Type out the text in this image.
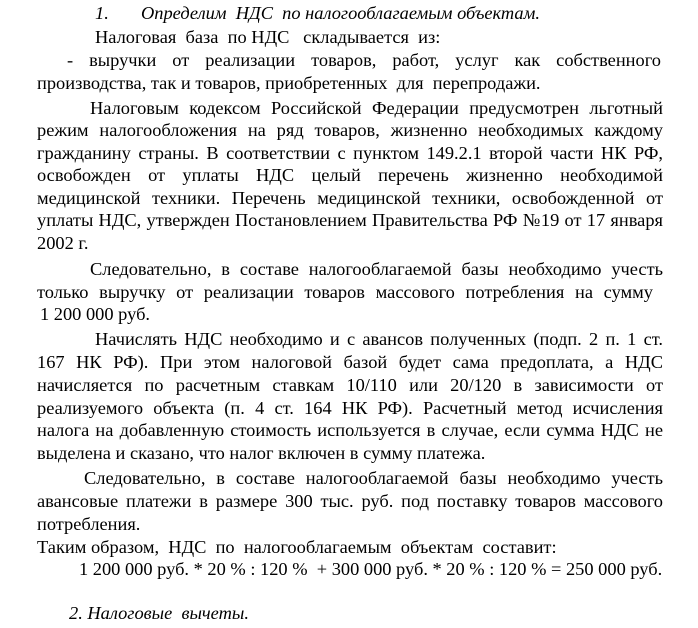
1.       Определим  НДС  по налогооблагаемым объектам.
Налоговая  база  по НДС   складывается  из:
- выручки от реализации товаров, работ, услуг как собственного
производства, так и товаров, приобретенных  для  перепродажи.
Налоговым кодексом Российской Федерации предусмотрен льготный
режим налогообложения на ряд товаров, жизненно необходимых каждому
гражданину страны. В соответствии с пунктом 149.2.1 второй части НК РФ,
освобожден от уплаты НДС целый перечень жизненно необходимой
медицинской техники. Перечень медицинской техники, освобожденной от
уплаты НДС, утвержден Постановлением Правительства РФ №19 от 17 января
2002 г.
Следовательно, в составе налогооблагаемой базы необходимо учесть
только выручку от реализации товаров массового потребления на сумму
1 200 000 руб.
Начислять НДС необходимо и с авансов полученных (подп. 2 п. 1 ст.
167 НК РФ). При этом налоговой базой будет сама предоплата, а НДС
начисляется по расчетным ставкам 10/110 или 20/120 в зависимости от
реализуемого объекта (п. 4 ст. 164 НК РФ). Расчетный метод исчисления
налога на добавленную стоимость используется в случае, если сумма НДС не
выделена и сказано, что налог включен в сумму платежа.
Следовательно, в составе налогооблагаемой базы необходимо учесть
авансовые платежи в размере 300 тыс. руб. под поставку товаров массового
потребления.
Таким образом,  НДС  по  налогооблагаемым  объектам  составит:
1 200 000 руб. * 20 % : 120 %  + 300 000 руб. * 20 % : 120 % = 250 000 руб.
2. Налоговые  вычеты.
